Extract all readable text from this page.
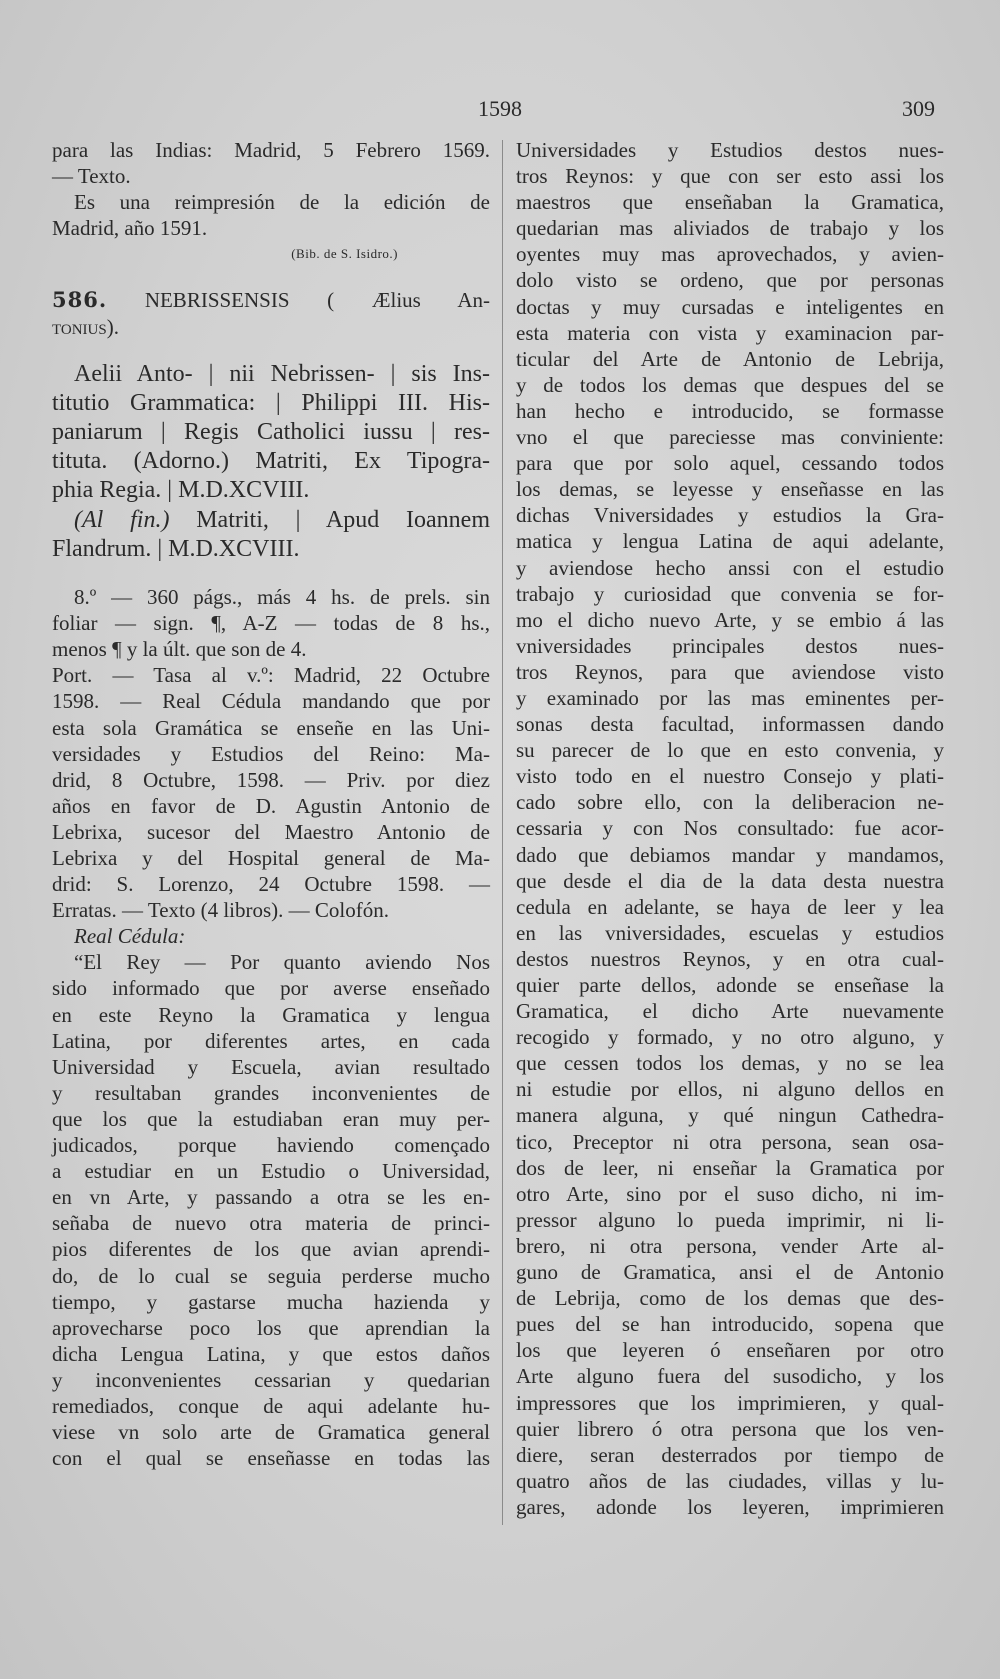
1598	309

para las Indias: Madrid, 5 Febrero 1569.

— Texto.

Es una reimpresión de la edición de

Madrid, año 1591.

(Bib. de S. Isidro.)

586. NEBRISSENSIS ( Ælius An-

tonius).

Aelii Anto- | nii Nebrissen- | sis Ins-

titutio Grammatica: | Philippi III. His-

paniarum | Regis Catholici iussu | res-

tituta. (Adorno.) Matriti, Ex Tipogra-

phia Regia. | M.D.XCVIII.

(Al fin.) Matriti, | Apud Ioannem

Flandrum. | M.D.XCVIII.

8.º — 360 págs., más 4 hs. de prels. sin

foliar — sign. ¶, A-Z — todas de 8 hs.,

menos ¶ y la últ. que son de 4.

Port. — Tasa al v.º: Madrid, 22 Octubre

1598. — Real Cédula mandando que por

esta sola Gramática se enseñe en las Uni-

versidades y Estudios del Reino: Ma-

drid, 8 Octubre, 1598. — Priv. por diez

años en favor de D. Agustin Antonio de

Lebrixa, sucesor del Maestro Antonio de

Lebrixa y del Hospital general de Ma-

drid: S. Lorenzo, 24 Octubre 1598. —

Erratas. — Texto (4 libros). — Colofón.

Real Cédula:

“El Rey — Por quanto aviendo Nos

sido informado que por averse enseñado

en este Reyno la Gramatica y lengua

Latina, por diferentes artes, en cada

Universidad y Escuela, avian resultado

y resultaban grandes inconvenientes de

que los que la estudiaban eran muy per-

judicados, porque haviendo començado

a estudiar en un Estudio o Universidad,

en vn Arte, y passando a otra se les en-

señaba de nuevo otra materia de princi-

pios diferentes de los que avian aprendi-

do, de lo cual se seguia perderse mucho

tiempo, y gastarse mucha hazienda y

aprovecharse poco los que aprendian la

dicha Lengua Latina, y que estos daños

y inconvenientes cessarian y quedarian

remediados, conque de aqui adelante hu-

viese vn solo arte de Gramatica general

con el qual se enseñasse en todas las

Universidades y Estudios destos nues-

tros Reynos: y que con ser esto assi los

maestros que enseñaban la Gramatica,

quedarian mas aliviados de trabajo y los

oyentes muy mas aprovechados, y avien-

dolo visto se ordeno, que por personas

doctas y muy cursadas e inteligentes en

esta materia con vista y examinacion par-

ticular del Arte de Antonio de Lebrija,

y de todos los demas que despues del se

han hecho e introducido, se formasse

vno el que pareciesse mas conviniente:

para que por solo aquel, cessando todos

los demas, se leyesse y enseñasse en las

dichas Vniversidades y estudios la Gra-

matica y lengua Latina de aqui adelante,

y aviendose hecho anssi con el estudio

trabajo y curiosidad que convenia se for-

mo el dicho nuevo Arte, y se embio á las

vniversidades principales destos nues-

tros Reynos, para que aviendose visto

y examinado por las mas eminentes per-

sonas desta facultad, informassen dando

su parecer de lo que en esto convenia, y

visto todo en el nuestro Consejo y plati-

cado sobre ello, con la deliberacion ne-

cessaria y con Nos consultado: fue acor-

dado que debiamos mandar y mandamos,

que desde el dia de la data desta nuestra

cedula en adelante, se haya de leer y lea

en las vniversidades, escuelas y estudios

destos nuestros Reynos, y en otra cual-

quier parte dellos, adonde se enseñase la

Gramatica, el dicho Arte nuevamente

recogido y formado, y no otro alguno, y

que cessen todos los demas, y no se lea

ni estudie por ellos, ni alguno dellos en

manera alguna, y qué ningun Cathedra-

tico, Preceptor ni otra persona, sean osa-

dos de leer, ni enseñar la Gramatica por

otro Arte, sino por el suso dicho, ni im-

pressor alguno lo pueda imprimir, ni li-

brero, ni otra persona, vender Arte al-

guno de Gramatica, ansi el de Antonio

de Lebrija, como de los demas que des-

pues del se han introducido, sopena que

los que leyeren ó enseñaren por otro

Arte alguno fuera del susodicho, y los

impressores que los imprimieren, y qual-

quier librero ó otra persona que los ven-

diere, seran desterrados por tiempo de

quatro años de las ciudades, villas y lu-

gares, adonde los leyeren, imprimieren
